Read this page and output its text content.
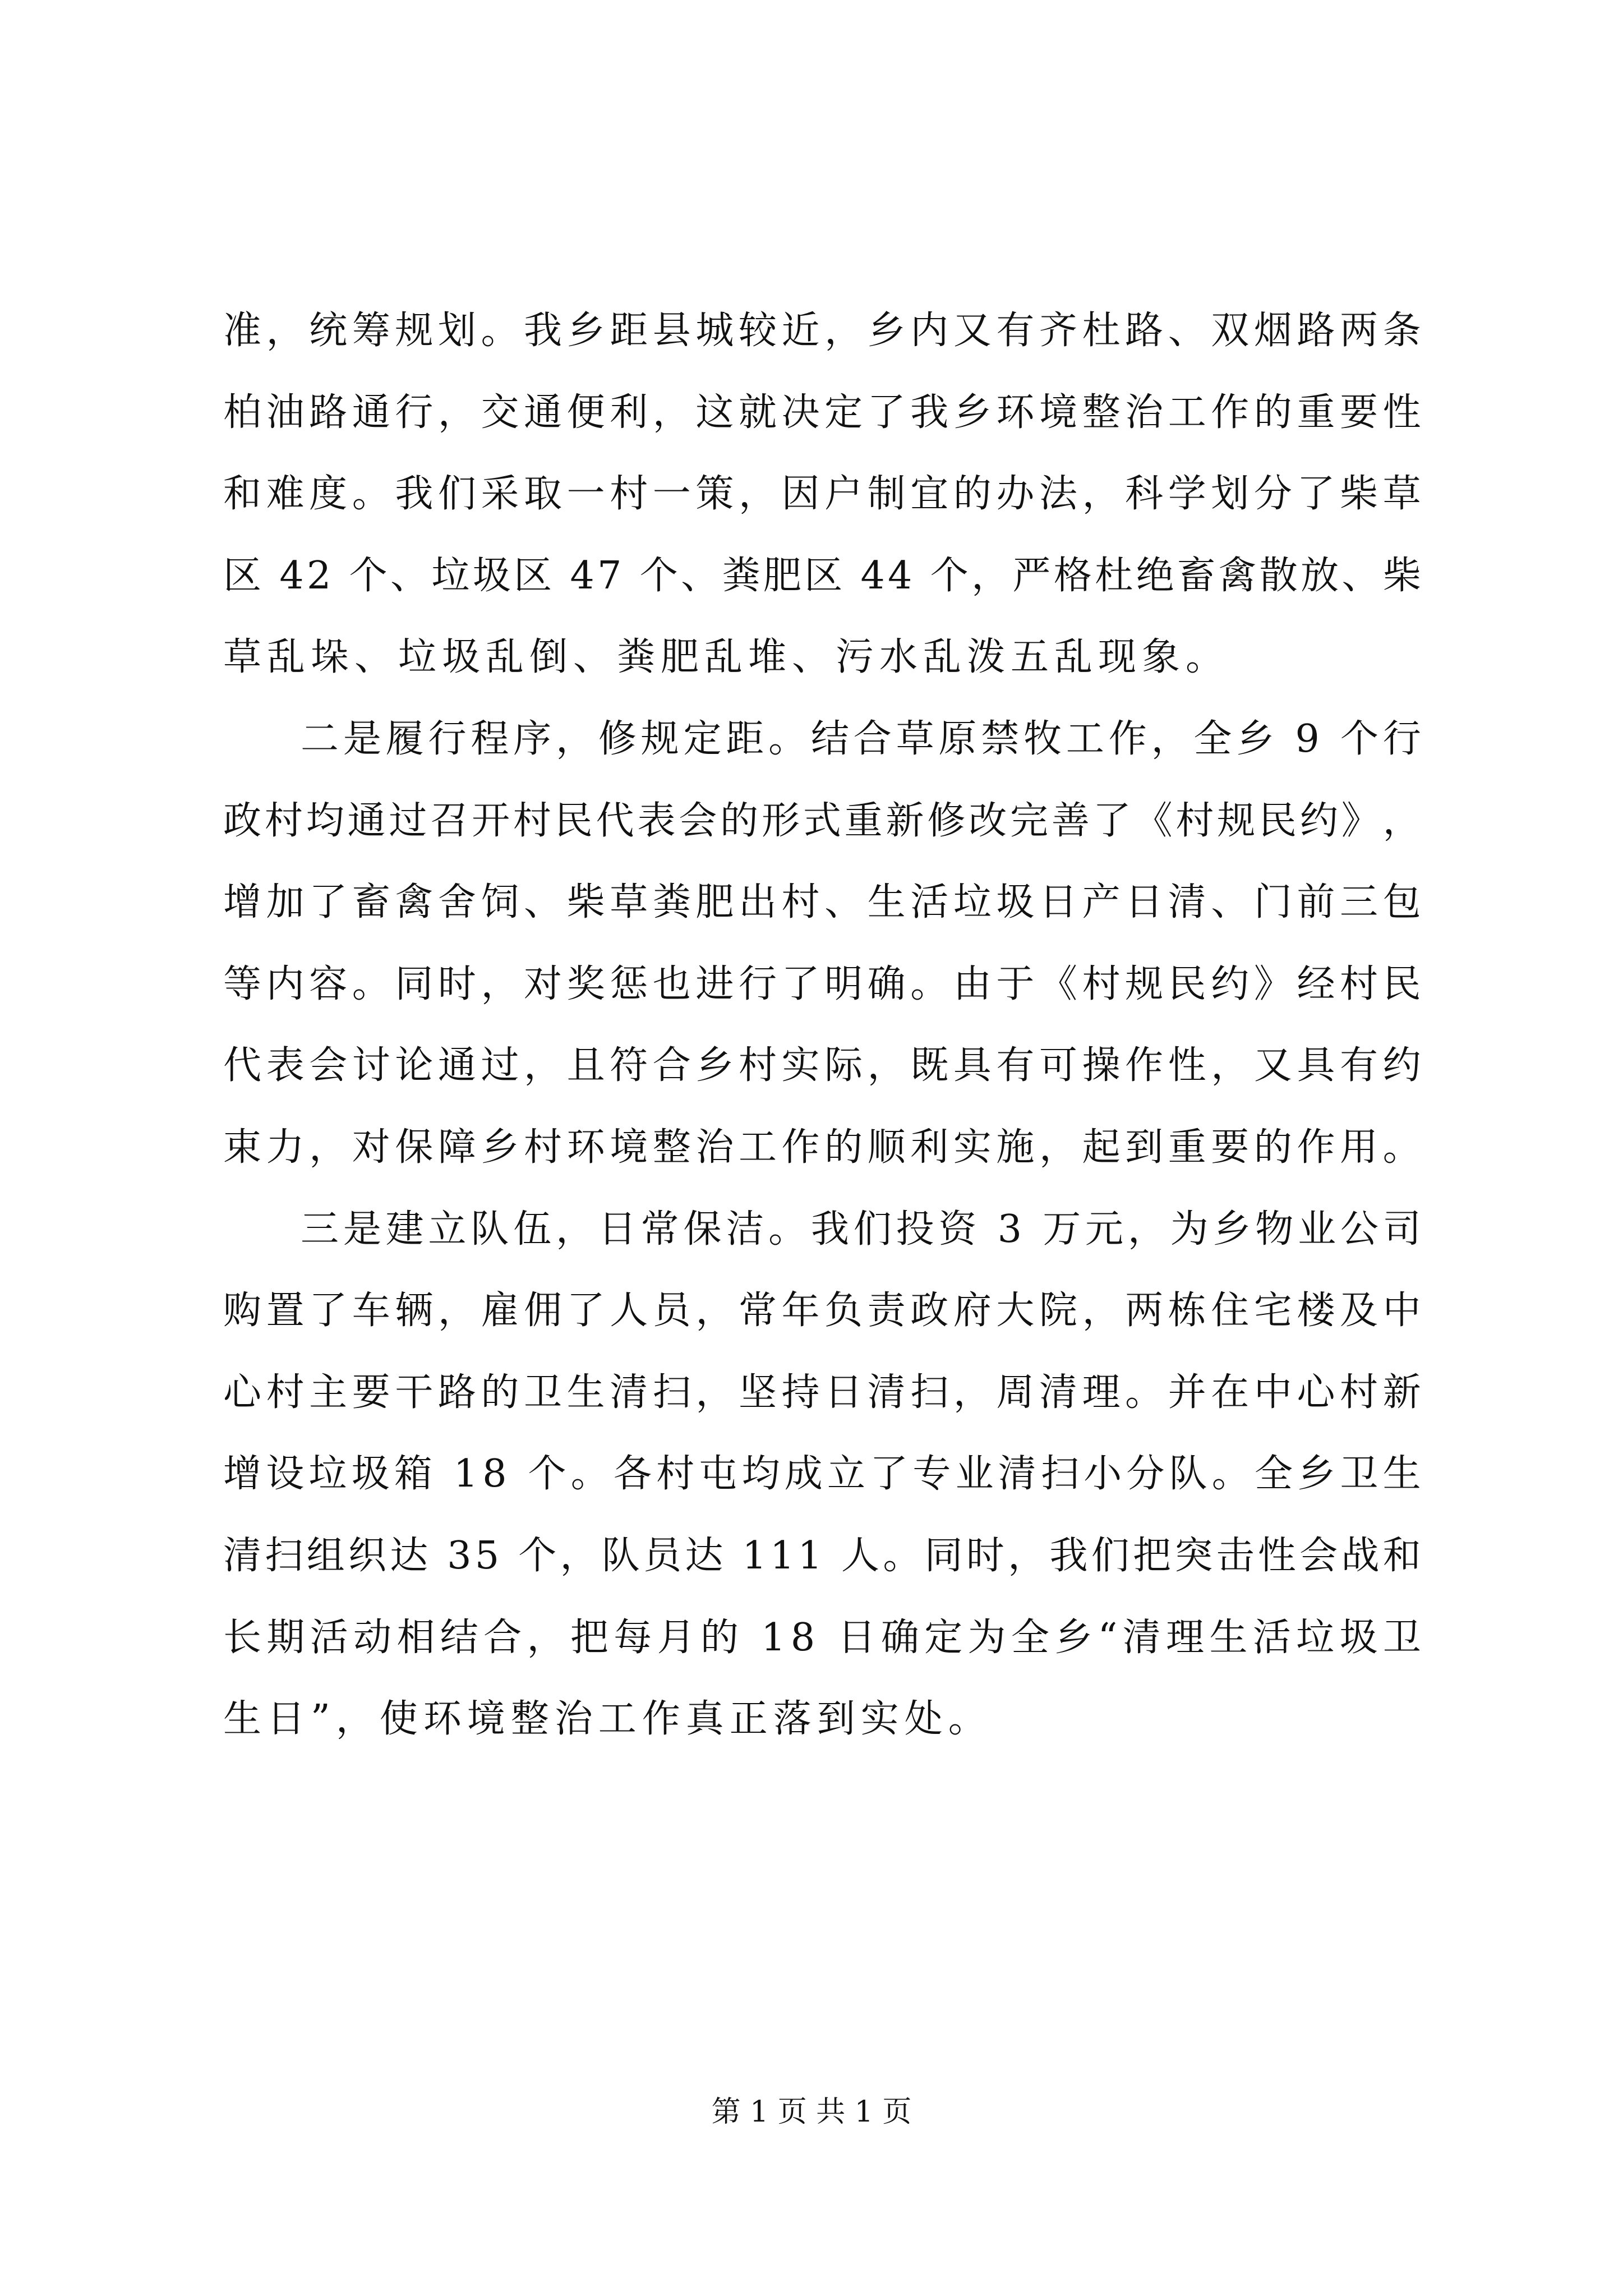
准 ， 统 筹 规 划 。 我 乡 距 县 城 较 近 ， 乡 内 又 有 齐 杜 路 、 双 烟 路 两 条
柏 油 路 通 行 ， 交 通 便 利 ， 这 就 决 定 了 我 乡 环 境 整 治 工 作 的 重 要 性
和 难 度 。 我 们 采 取 一 村 一 策 ， 因 户 制 宜 的 办 法 ， 科 学 划 分 了 柴 草
区
4 2
个 、 垃 圾 区
4 7
个 、 粪 肥 区
4 4
个 ， 严 格 杜 绝 畜 禽 散 放 、 柴
草乱垛、垃圾乱倒、粪肥乱堆、污水乱泼五乱现象。
二 是 履 行 程 序 ， 修 规 定 距 。 结 合 草 原 禁 牧 工 作 ， 全 乡
9
个 行
政 村 均 通 过 召 开 村 民 代 表 会 的 形 式 重 新 修 改 完 善 了 《 村 规 民 约 》 ，
增 加 了 畜 禽 舍 饲 、 柴 草 粪 肥 出 村 、 生 活 垃 圾 日 产 日 清 、 门 前 三 包
等 内 容 。 同 时 ， 对 奖 惩 也 进 行 了 明 确 。 由 于 《 村 规 民 约 》 经 村 民
代 表 会 讨 论 通 过 ， 且 符 合 乡 村 实 际 ， 既 具 有 可 操 作 性 ， 又 具 有 约
束 力 ， 对 保 障 乡 村 环 境 整 治 工 作 的 顺 利 实 施 ， 起 到 重 要 的 作 用 。
三 是 建 立 队 伍 ， 日 常 保 洁 。 我 们 投 资
3
万 元 ， 为 乡 物 业 公 司
购 置 了 车 辆 ， 雇 佣 了 人 员 ， 常 年 负 责 政 府 大 院 ， 两 栋 住 宅 楼 及 中
心 村 主 要 干 路 的 卫 生 清 扫 ， 坚 持 日 清 扫 ， 周 清 理 。 并 在 中 心 村 新
增 设 垃 圾 箱
1 8
个 。 各 村 屯 均 成 立 了 专 业 清 扫 小 分 队 。 全 乡 卫 生
清 扫 组 织 达
3 5
个 ， 队 员 达
1 1 1
人 。 同 时 ， 我 们 把 突 击 性 会 战 和
长 期 活 动 相 结 合 ， 把 每 月 的
1 8
日 确 定 为 全 乡 “ 清 理 生 活 垃 圾 卫
生日”，使环境整治工作真正落到实处。
第 1 页 共 1 页
